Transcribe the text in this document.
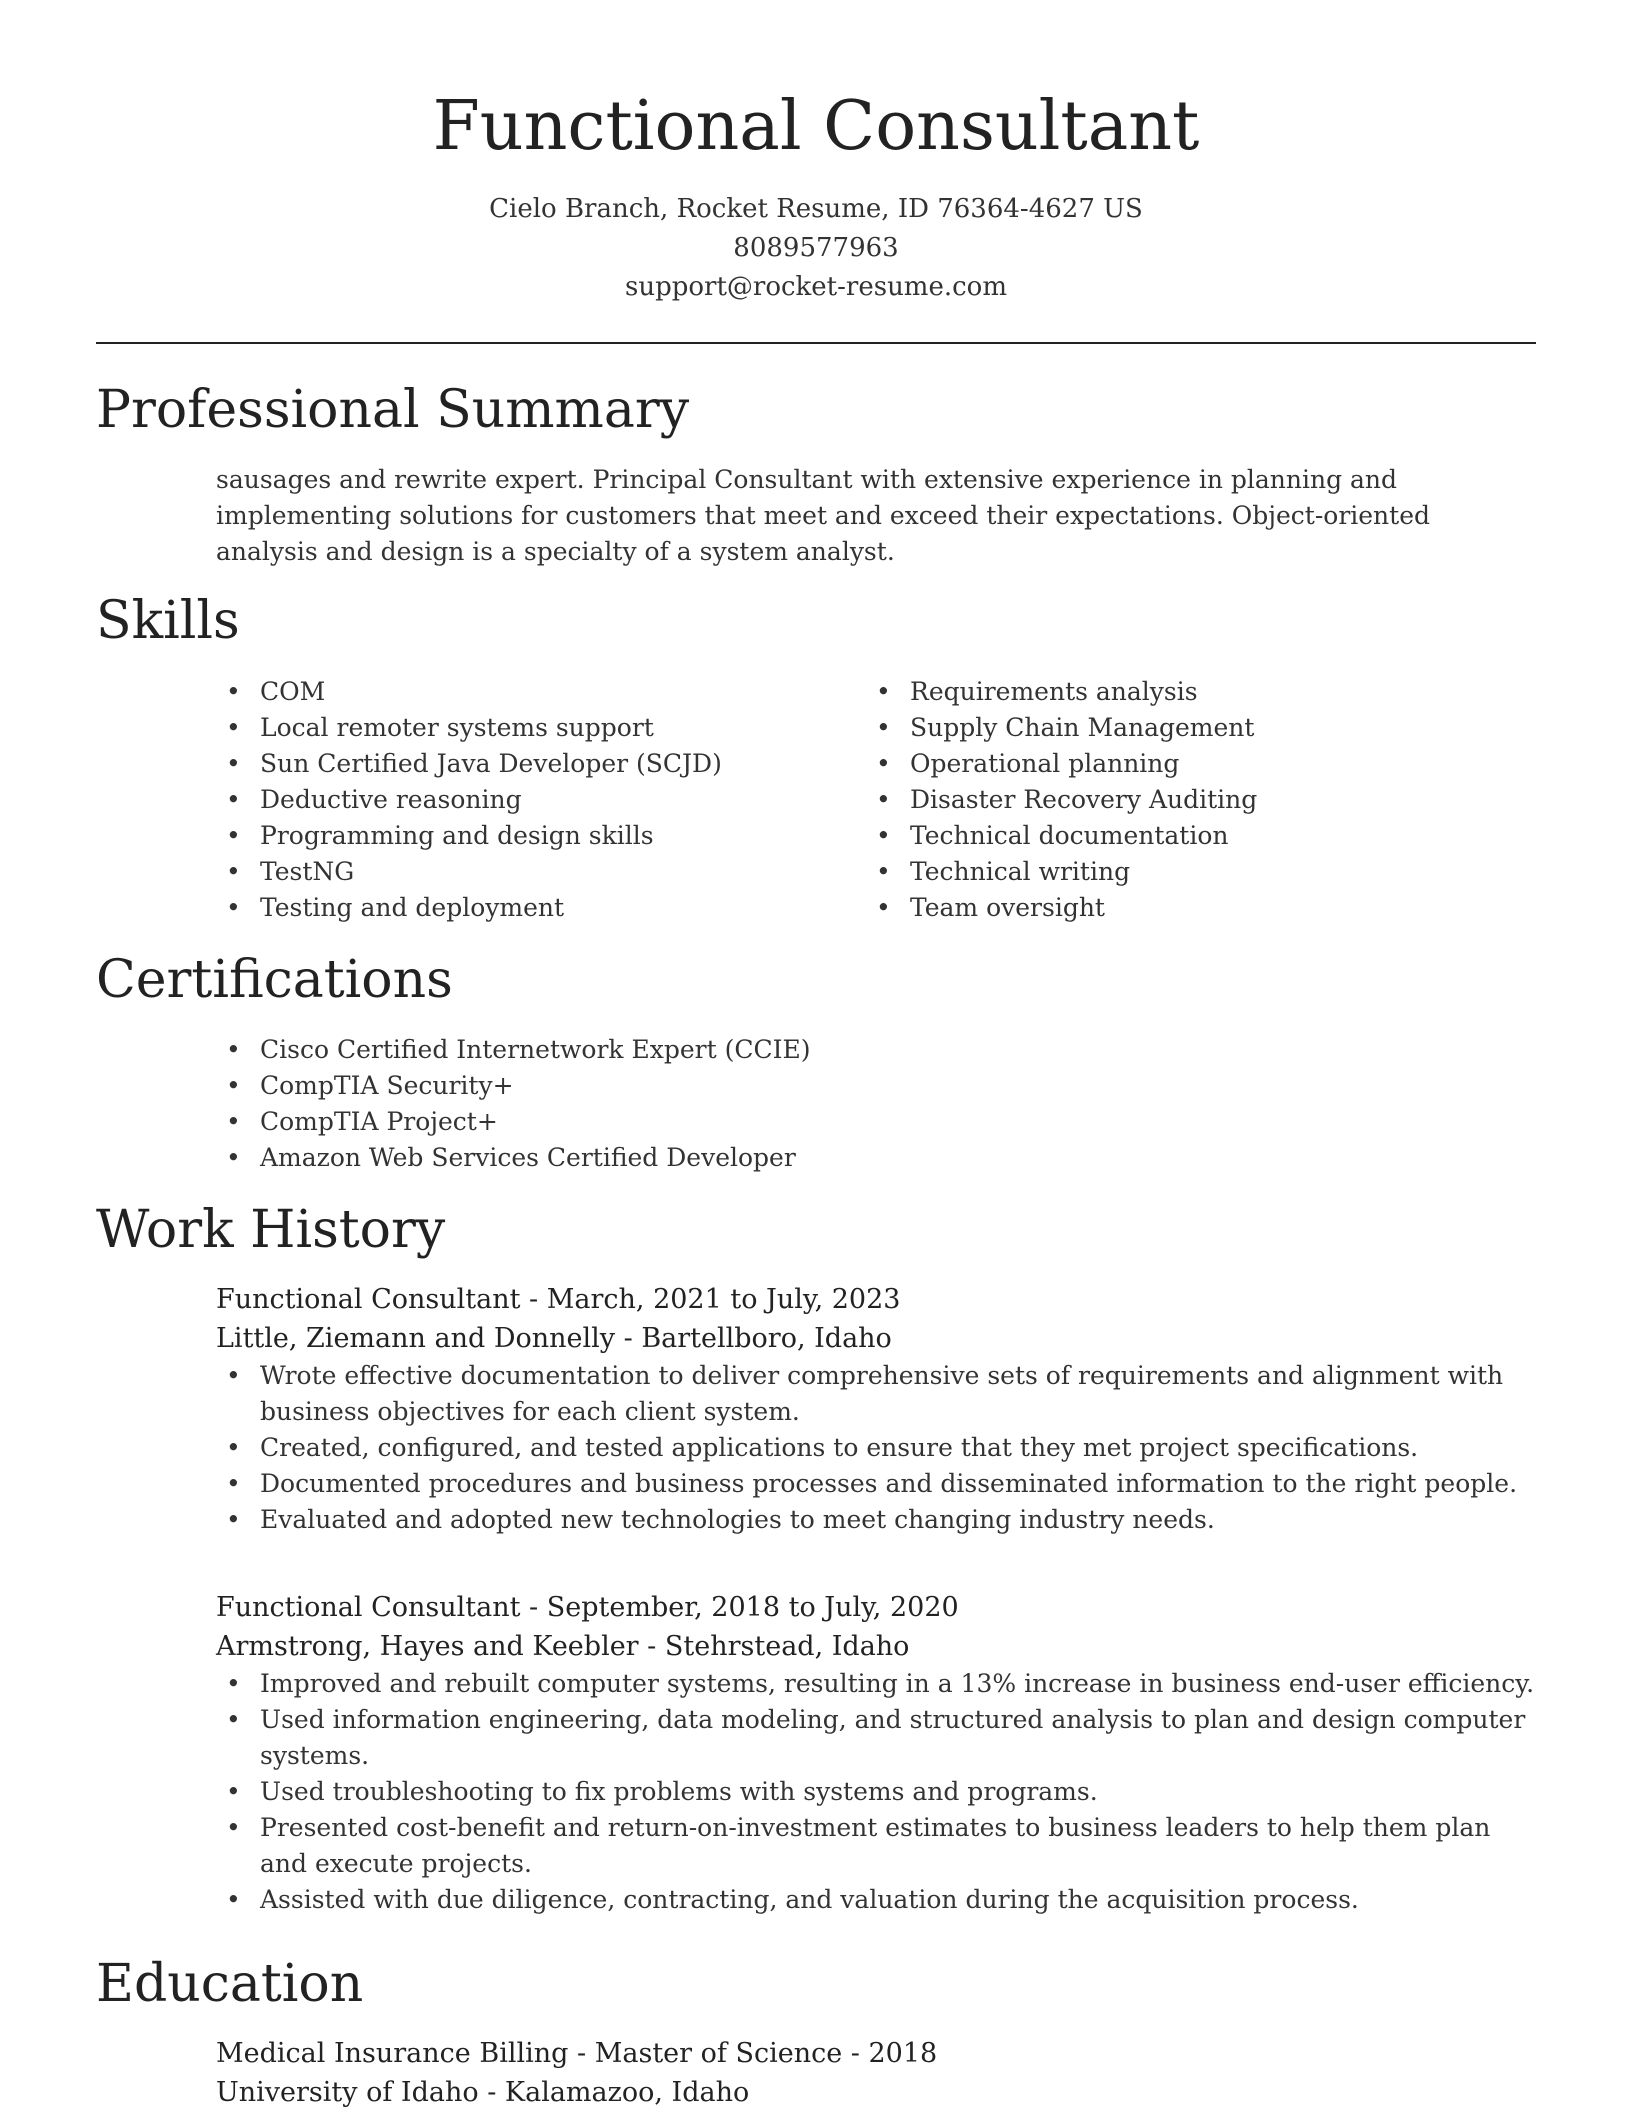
Functional Consultant
Cielo Branch, Rocket Resume, ID 76364-4627 US
8089577963
support@rocket-resume.com
Professional Summary

sausages and rewrite expert. Principal Consultant with extensive experience in planning and implementing solutions for customers that meet and exceed their expectations. Object-oriented analysis and design is a specialty of a system analyst.

Skills
• COM
• Local remoter systems support
• Sun Certified Java Developer (SCJD)
• Deductive reasoning
• Programming and design skills
• TestNG
• Testing and deployment
• Requirements analysis
• Supply Chain Management
• Operational planning
• Disaster Recovery Auditing
• Technical documentation
• Technical writing
• Team oversight
Certifications
• Cisco Certified Internetwork Expert (CCIE)
• CompTIA Security+
• CompTIA Project+
• Amazon Web Services Certified Developer
Work History
Functional Consultant - March, 2021 to July, 2023
Little, Ziemann and Donnelly - Bartellboro, Idaho
• Wrote effective documentation to deliver comprehensive sets of requirements and alignment with business objectives for each client system.
• Created, configured, and tested applications to ensure that they met project specifications.
• Documented procedures and business processes and disseminated information to the right people.
• Evaluated and adopted new technologies to meet changing industry needs.
Functional Consultant - September, 2018 to July, 2020
Armstrong, Hayes and Keebler - Stehrstead, Idaho
• Improved and rebuilt computer systems, resulting in a 13% increase in business end-user efficiency.
• Used information engineering, data modeling, and structured analysis to plan and design computer systems.
• Used troubleshooting to fix problems with systems and programs.
• Presented cost-benefit and return-on-investment estimates to business leaders to help them plan and execute projects.
• Assisted with due diligence, contracting, and valuation during the acquisition process.
Education
Medical Insurance Billing - Master of Science - 2018
University of Idaho - Kalamazoo, Idaho
